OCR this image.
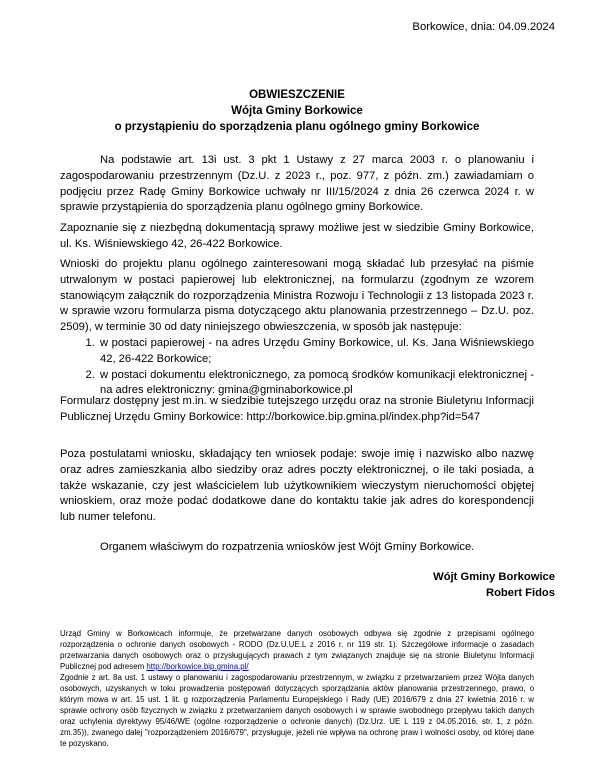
Borkowice, dnia: 04.09.2024
OBWIESZCZENIE
Wójta Gminy Borkowice
o przystąpieniu do sporządzenia planu ogólnego gminy Borkowice
Na podstawie art. 13i ust. 3 pkt 1 Ustawy z 27 marca 2003 r. o planowaniu i zagospodarowaniu przestrzennym (Dz.U. z 2023 r., poz. 977, z późn. zm.) zawiadamiam o podjęciu przez Radę Gminy Borkowice uchwały nr III/15/2024 z dnia 26 czerwca 2024 r. w sprawie przystąpienia do sporządzenia planu ogólnego gminy Borkowice.
Zapoznanie się z niezbędną dokumentacją sprawy możliwe jest w siedzibie Gminy Borkowice, ul. Ks. Wiśniewskiego 42, 26-422 Borkowice.
Wnioski do projektu planu ogólnego zainteresowani mogą składać lub przesyłać na piśmie utrwalonym w postaci papierowej lub elektronicznej, na formularzu (zgodnym ze wzorem stanowiącym załącznik do rozporządzenia Ministra Rozwoju i Technologii z 13 listopada 2023 r. w sprawie wzoru formularza pisma dotyczącego aktu planowania przestrzennego – Dz.U. poz. 2509), w terminie 30 od daty niniejszego obwieszczenia, w sposób jak następuje:
1. w postaci papierowej - na adres Urzędu Gminy Borkowice, ul. Ks. Jana Wiśniewskiego 42, 26-422 Borkowice;
2. w postaci dokumentu elektronicznego, za pomocą środków komunikacji elektronicznej - na adres elektroniczny: gmina@gminaborkowice.pl
Formularz dostępny jest m.in. w siedzibie tutejszego urzędu oraz na stronie Biuletynu Informacji Publicznej Urzędu Gminy Borkowice: http://borkowice.bip.gmina.pl/index.php?id=547
Poza postulatami wniosku, składający ten wniosek podaje: swoje imię i nazwisko albo nazwę oraz adres zamieszkania albo siedziby oraz adres poczty elektronicznej, o ile taki posiada, a także wskazanie, czy jest właścicielem lub użytkownikiem wieczystym nieruchomości objętej wnioskiem, oraz może podać dodatkowe dane do kontaktu takie jak adres do korespondencji lub numer telefonu.
Organem właściwym do rozpatrzenia wniosków jest Wójt Gminy Borkowice.
Wójt Gminy Borkowice
Robert Fidos
Urząd Gminy w Borkowicach informuje, że przetwarzane danych osobowych odbywa się zgodnie z przepisami ogólnego rozporządzenia o ochronie danych osobowych - RODO (Dz.U.UE.L z 2016 r. nr 119 str. 1). Szczegółowe informacje o zasadach przetwarzania danych osobowych oraz o przysługujących prawach z tym związanych znajduje się na stronie Biuletynu Informacji Publicznej pod adresem http://borkowice.bip.gmina.pl/
Zgodnie z art. 8a ust. 1 ustawy o planowaniu i zagospodarowaniu przestrzennym, w związku z przetwarzaniem przez Wójta danych osobowych, uzyskanych w toku prowadzenia postępowań dotyczących sporządzania aktów planowania przestrzennego, prawo, o którym mowa w art. 15 ust. 1 lit. g rozporządzenia Parlamentu Europejskiego i Rady (UE) 2016/679 z dnia 27 kwietnia 2016 r. w sprawie ochrony osób fizycznych w związku z przetwarzaniem danych osobowych i w sprawie swobodnego przepływu takich danych oraz uchylenia dyrektywy 95/46/WE (ogólne rozporządzenie o ochronie danych) (Dz.Urz. UE L 119 z 04.05.2016, str. 1, z późn. zm.35)), zwanego dalej "rozporządzeniem 2016/679", przysługuje, jeżeli nie wpływa na ochronę praw i wolności osoby, od której dane te pozyskano.
